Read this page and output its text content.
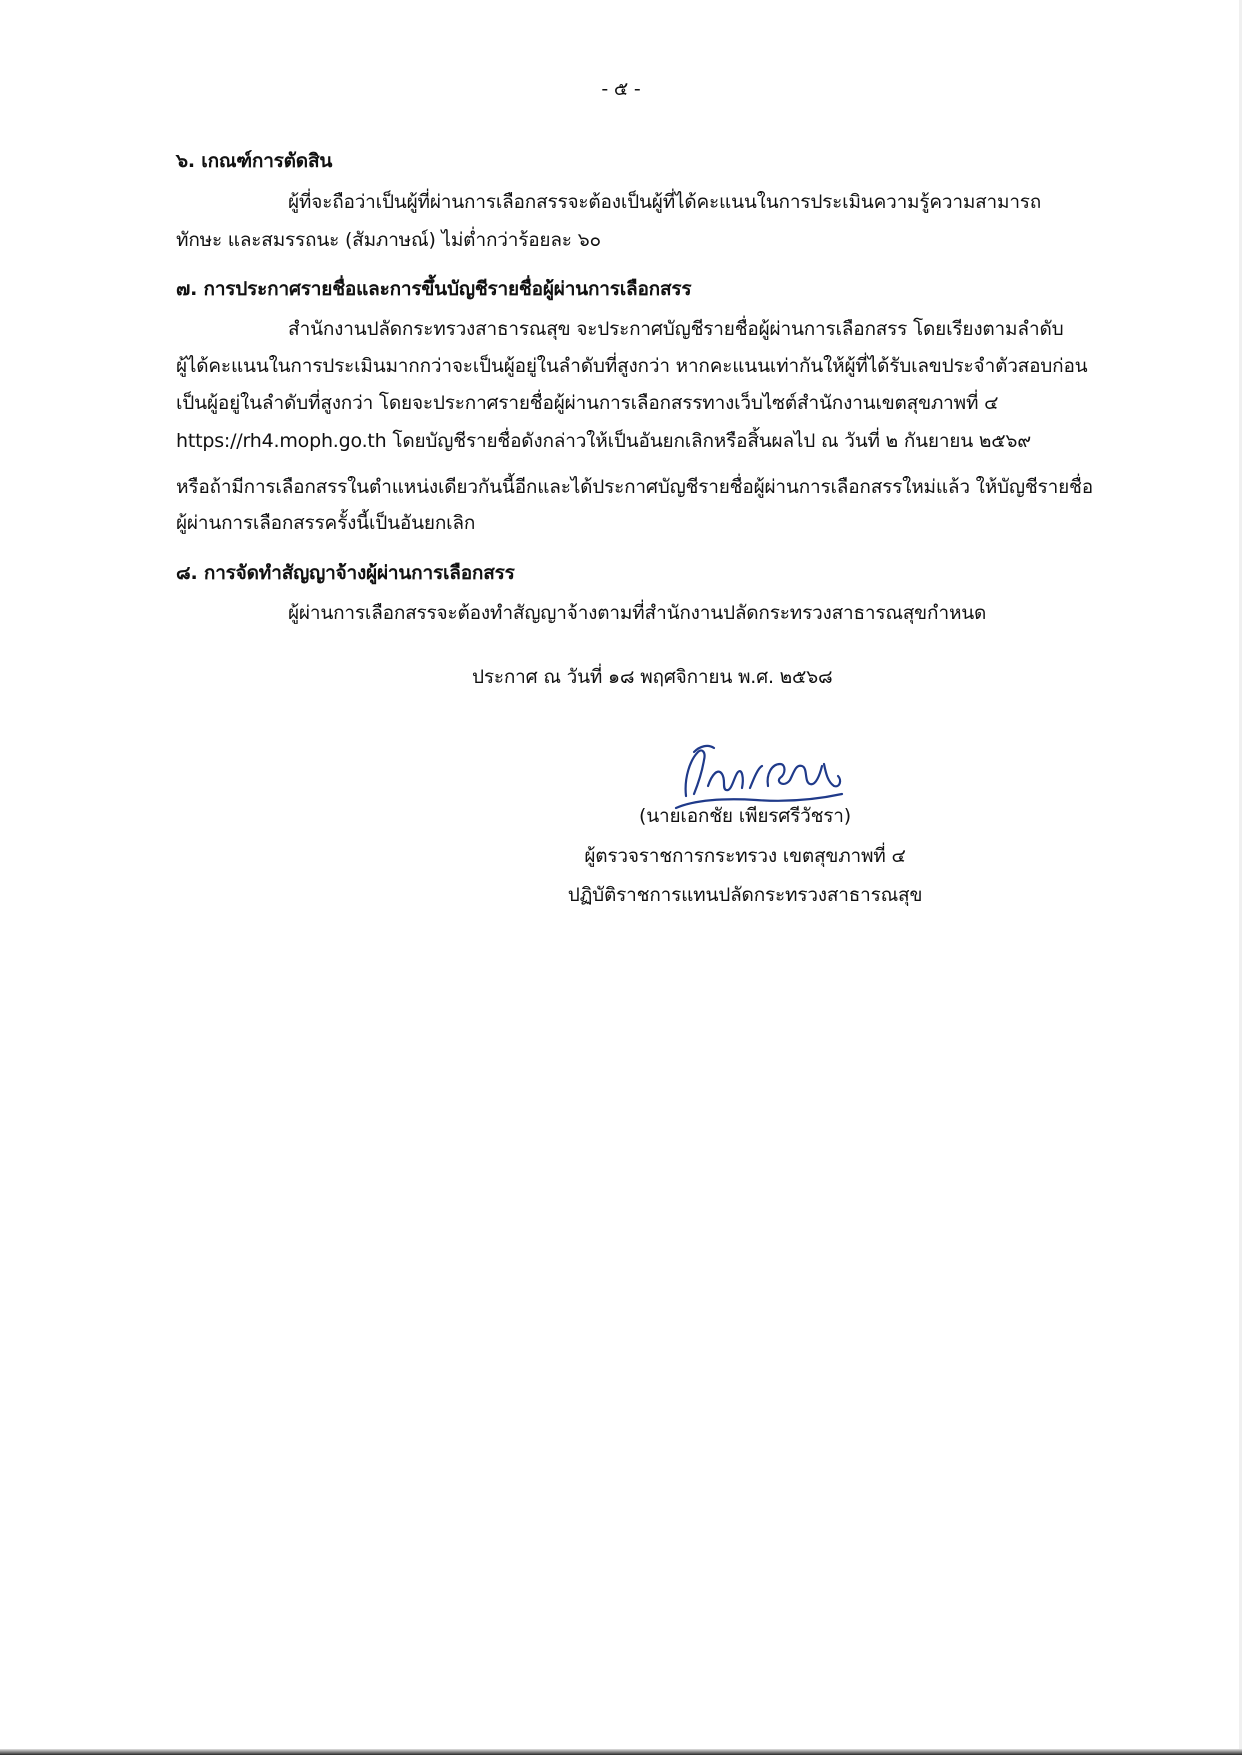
- ๕ -
๖. เกณฑ์การตัดสิน
ผู้ที่จะถือว่าเป็นผู้ที่ผ่านการเลือกสรรจะต้องเป็นผู้ที่ได้คะแนนในการประเมินความรู้ความสามารถ
ทักษะ และสมรรถนะ (สัมภาษณ์) ไม่ต่ำกว่าร้อยละ ๖๐
๗. การประกาศรายชื่อและการขึ้นบัญชีรายชื่อผู้ผ่านการเลือกสรร
สำนักงานปลัดกระทรวงสาธารณสุข จะประกาศบัญชีรายชื่อผู้ผ่านการเลือกสรร โดยเรียงตามลำดับ
ผู้ได้คะแนนในการประเมินมากกว่าจะเป็นผู้อยู่ในลำดับที่สูงกว่า หากคะแนนเท่ากันให้ผู้ที่ได้รับเลขประจำตัวสอบก่อน
เป็นผู้อยู่ในลำดับที่สูงกว่า โดยจะประกาศรายชื่อผู้ผ่านการเลือกสรรทางเว็บไซต์สำนักงานเขตสุขภาพที่ ๔
https://rh4.moph.go.th โดยบัญชีรายชื่อดังกล่าวให้เป็นอันยกเลิกหรือสิ้นผลไป ณ วันที่ ๒ กันยายน ๒๕๖๙
หรือถ้ามีการเลือกสรรในตำแหน่งเดียวกันนี้อีกและได้ประกาศบัญชีรายชื่อผู้ผ่านการเลือกสรรใหม่แล้ว ให้บัญชีรายชื่อ
ผู้ผ่านการเลือกสรรครั้งนี้เป็นอันยกเลิก
๘. การจัดทำสัญญาจ้างผู้ผ่านการเลือกสรร
ผู้ผ่านการเลือกสรรจะต้องทำสัญญาจ้างตามที่สำนักงานปลัดกระทรวงสาธารณสุขกำหนด
ประกาศ ณ วันที่ ๑๘ พฤศจิกายน พ.ศ. ๒๕๖๘
(นายเอกชัย เพียรศรีวัชรา)
ผู้ตรวจราชการกระทรวง เขตสุขภาพที่ ๔
ปฏิบัติราชการแทนปลัดกระทรวงสาธารณสุข
